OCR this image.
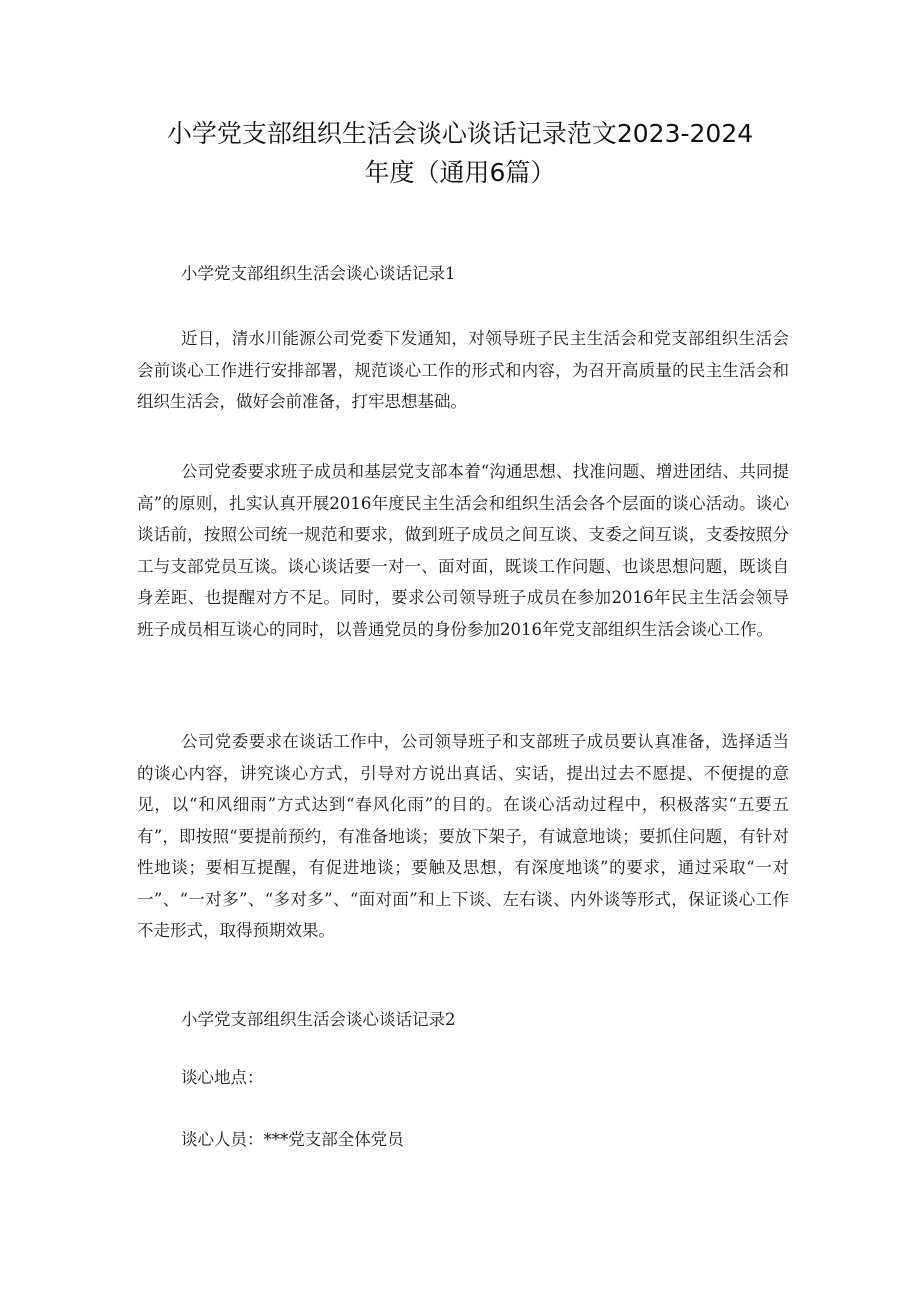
小学党支部组织生活会谈心谈话记录范文2023-2024
年度（通用6篇）
小学党支部组织生活会谈心谈话记录1

近日，清水川能源公司党委下发通知，对领导班子民主生活会和党支部组织生活会会前谈心工作进行安排部署，规范谈心工作的形式和内容，为召开高质量的民主生活会和组织生活会，做好会前准备，打牢思想基础。

公司党委要求班子成员和基层党支部本着“沟通思想、找准问题、增进团结、共同提高”的原则，扎实认真开展2016年度民主生活会和组织生活会各个层面的谈心活动。谈心谈话前，按照公司统一规范和要求，做到班子成员之间互谈、支委之间互谈，支委按照分工与支部党员互谈。谈心谈话要一对一、面对面，既谈工作问题、也谈思想问题，既谈自身差距、也提醒对方不足。同时，要求公司领导班子成员在参加2016年民主生活会领导班子成员相互谈心的同时，以普通党员的身份参加2016年党支部组织生活会谈心工作。

公司党委要求在谈话工作中，公司领导班子和支部班子成员要认真准备，选择适当的谈心内容，讲究谈心方式，引导对方说出真话、实话，提出过去不愿提、不便提的意见，以“和风细雨”方式达到“春风化雨”的目的。在谈心活动过程中，积极落实“五要五有”，即按照“要提前预约，有准备地谈；要放下架子，有诚意地谈；要抓住问题，有针对性地谈；要相互提醒，有促进地谈；要触及思想，有深度地谈”的要求，通过采取“一对一”、“一对多”、“多对多”、“面对面”和上下谈、左右谈、内外谈等形式，保证谈心工作不走形式，取得预期效果。

小学党支部组织生活会谈心谈话记录2
谈心地点：
谈心人员：***党支部全体党员
